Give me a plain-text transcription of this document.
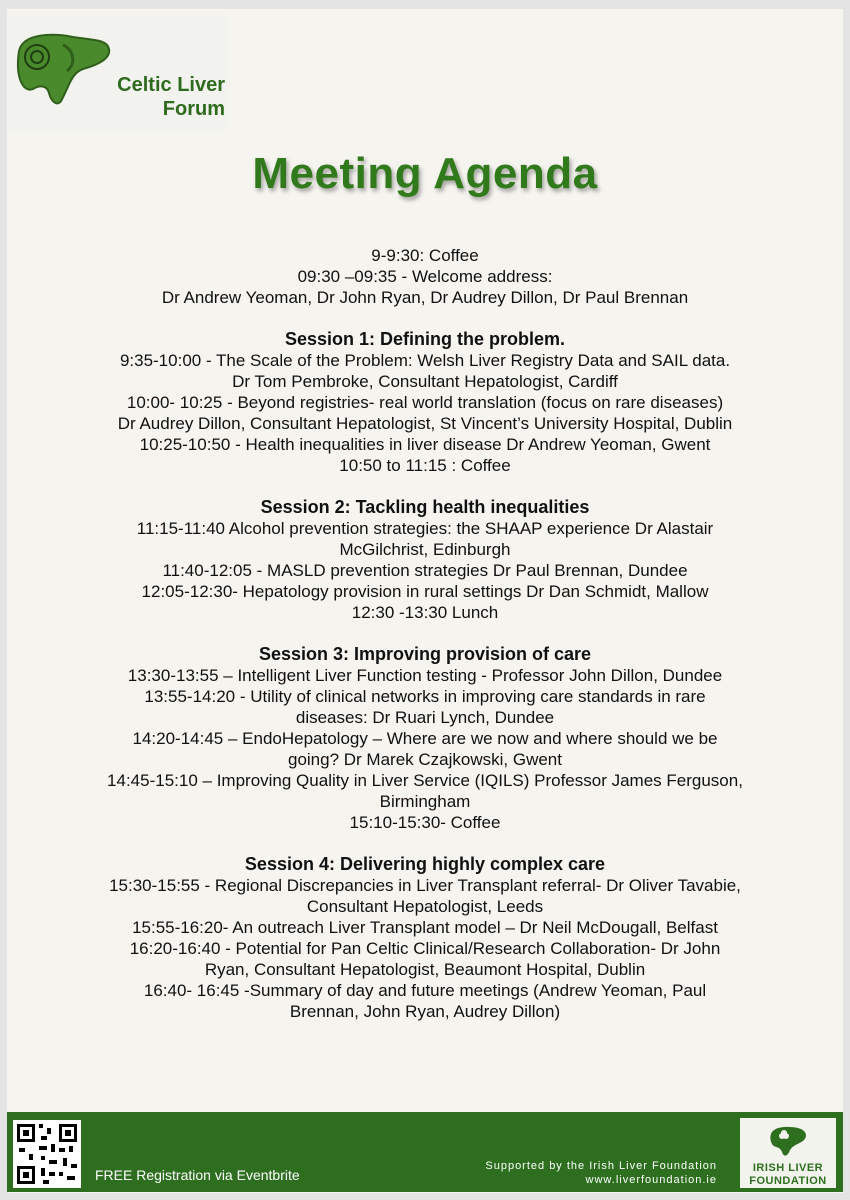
Celtic Liver
Forum
Meeting Agenda
9-9:30: Coffee
09:30 –09:35 - Welcome address:
Dr Andrew Yeoman, Dr John Ryan, Dr Audrey Dillon, Dr Paul Brennan
Session 1: Defining the problem.
9:35-10:00 - The Scale of the Problem: Welsh Liver Registry Data and SAIL data.
Dr Tom Pembroke, Consultant Hepatologist, Cardiff
10:00- 10:25 - Beyond registries- real world translation (focus on rare diseases)
Dr Audrey Dillon, Consultant Hepatologist, St Vincent’s University Hospital, Dublin
10:25-10:50 - Health inequalities in liver disease Dr Andrew Yeoman, Gwent
10:50 to 11:15 : Coffee
Session 2: Tackling health inequalities
11:15-11:40 Alcohol prevention strategies: the SHAAP experience Dr Alastair
McGilchrist, Edinburgh
11:40-12:05 - MASLD prevention strategies Dr Paul Brennan, Dundee
12:05-12:30- Hepatology provision in rural settings Dr Dan Schmidt, Mallow
12:30 -13:30 Lunch
Session 3: Improving provision of care
13:30-13:55 – Intelligent Liver Function testing - Professor John Dillon, Dundee
13:55-14:20 - Utility of clinical networks in improving care standards in rare
diseases: Dr Ruari Lynch, Dundee
14:20-14:45 – EndoHepatology – Where are we now and where should we be
going? Dr Marek Czajkowski, Gwent
14:45-15:10 – Improving Quality in Liver Service (IQILS) Professor James Ferguson,
Birmingham
15:10-15:30- Coffee
Session 4: Delivering highly complex care
15:30-15:55 - Regional Discrepancies in Liver Transplant referral- Dr Oliver Tavabie,
Consultant Hepatologist, Leeds
15:55-16:20- An outreach Liver Transplant model – Dr Neil McDougall, Belfast
16:20-16:40 - Potential for Pan Celtic Clinical/Research Collaboration- Dr John
Ryan, Consultant Hepatologist, Beaumont Hospital, Dublin
16:40- 16:45 -Summary of day and future meetings (Andrew Yeoman, Paul
Brennan, John Ryan, Audrey Dillon)
FREE Registration via Eventbrite
Supported by the Irish Liver Foundation
www.liverfoundation.ie
IRISH LIVER
FOUNDATION
